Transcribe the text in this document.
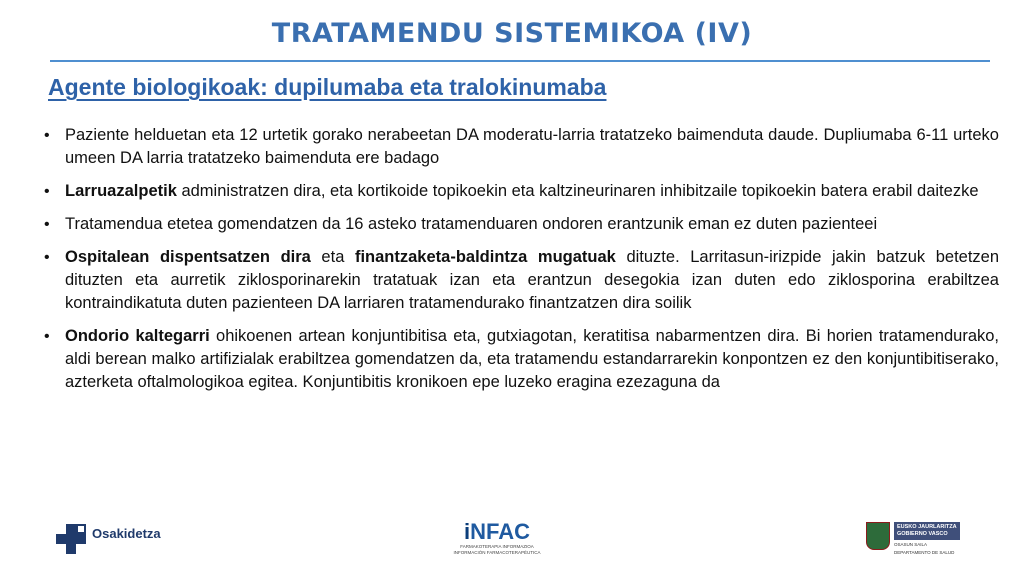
TRATAMENDU SISTEMIKOA (IV)
Agente biologikoak: dupilumaba eta tralokinumaba
• Paziente helduetan eta 12 urtetik gorako nerabeetan DA moderatu-larria tratatzeko baimenduta daude. Dupliumaba 6-11 urteko umeen DA larria tratatzeko baimenduta ere badago
• Larruazalpetik administratzen dira, eta kortikoide topikoekin eta kaltzineurinaren inhibitzaile topikoekin batera erabil daitezke
• Tratamendua etetea gomendatzen da 16 asteko tratamenduaren ondoren erantzunik eman ez duten pazienteei
• Ospitalean dispentsatzen dira eta finantzaketa-baldintza mugatuak dituzte. Larritasun-irizpide jakin batzuk betetzen dituzten eta aurretik ziklosporinarekin tratatuak izan eta erantzun desegokia izan duten edo ziklosporina erabiltzea kontraindikatuta duten pazienteen DA larriaren tratamendurako finantzatzen dira soilik
• Ondorio kaltegarri ohikoenen artean konjuntibitisa eta, gutxiagotan, keratitisa nabarmentzen dira. Bi horien tratamendurako, aldi berean malko artifizialak erabiltzea gomendatzen da, eta tratamendu estandarrarekin konpontzen ez den konjuntibitiserako, azterketa oftalmologikoa egitea. Konjuntibitis kronikoen epe luzeko eragina ezezaguna da
Osakidetza	iNFAC
FARMAKOTERAPIA INFORMAZIOA
INFORMACIÓN FARMACOTERAPÉUTICA
EUSKO JAURLARITZA
GOBIERNO VASCO
OSASUN SAILA
DEPARTAMENTO DE SALUD
